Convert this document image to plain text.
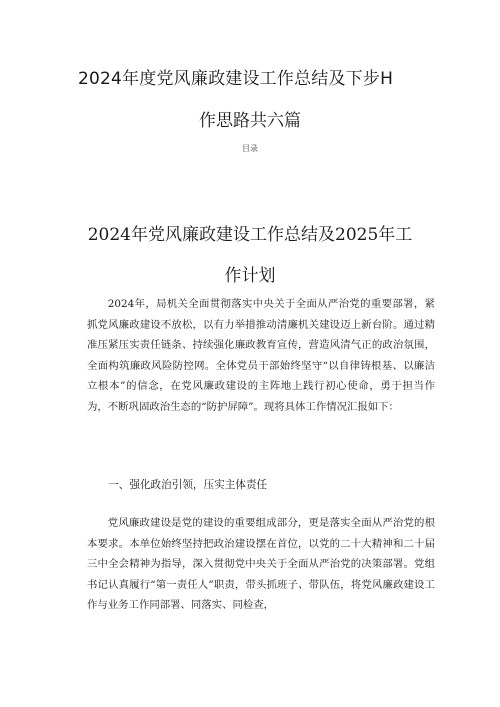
2024年度党风廉政建设工作总结及下步H
作思路共六篇
目录
2024年党风廉政建设工作总结及2025年工
作计划

2024年，局机关全面贯彻落实中央关于全面从严治党的重要部署，紧抓党风廉政建设不放松，以有力举措推动清廉机关建设迈上新台阶。通过精准压紧压实责任链条、持续强化廉政教育宣传，营造风清气正的政治氛围，全面构筑廉政风险防控网。全体党员干部始终坚守“以自律铸根基、以廉洁立根本”的信念，在党风廉政建设的主阵地上践行初心使命，勇于担当作为，不断巩固政治生态的“防护屏障”。现将具体工作情况汇报如下：

一、强化政治引领，压实主体责任

党风廉政建设是党的建设的重要组成部分，更是落实全面从严治党的根本要求。本单位始终坚持把政治建设摆在首位，以党的二十大精神和二十届三中全会精神为指导，深入贯彻党中央关于全面从严治党的决策部署。党组书记认真履行“第一责任人”职责，带头抓班子、带队伍，将党风廉政建设工作与业务工作同部署、同落实、同检查，
